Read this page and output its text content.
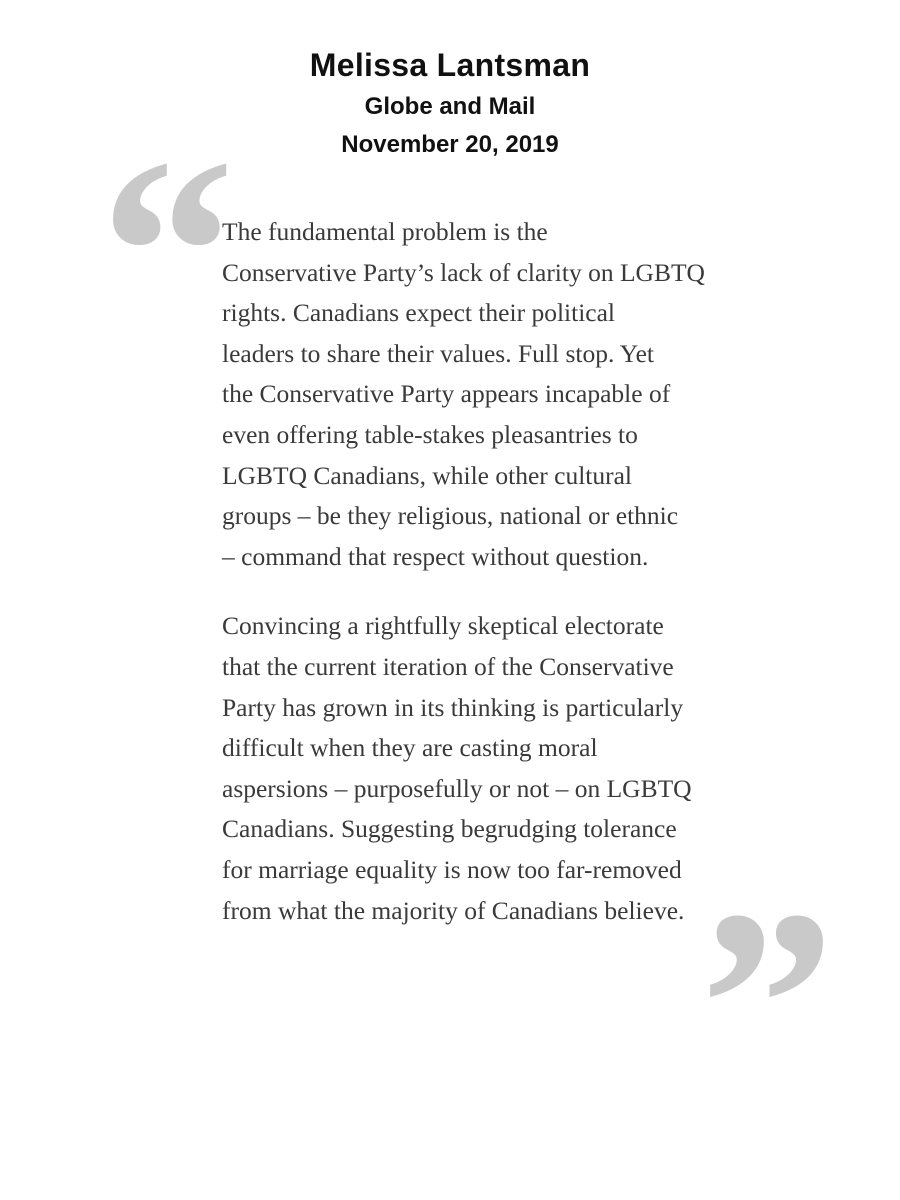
Melissa Lantsman
Globe and Mail
November 20, 2019
“
The fundamental problem is the
Conservative Party’s lack of clarity on LGBTQ
rights. Canadians expect their political
leaders to share their values. Full stop. Yet
the Conservative Party appears incapable of
even offering table-stakes pleasantries to
LGBTQ Canadians, while other cultural
groups – be they religious, national or ethnic
– command that respect without question.
Convincing a rightfully skeptical electorate
that the current iteration of the Conservative
Party has grown in its thinking is particularly
difficult when they are casting moral
aspersions – purposefully or not – on LGBTQ
Canadians. Suggesting begrudging tolerance
for marriage equality is now too far-removed
from what the majority of Canadians believe. ”
